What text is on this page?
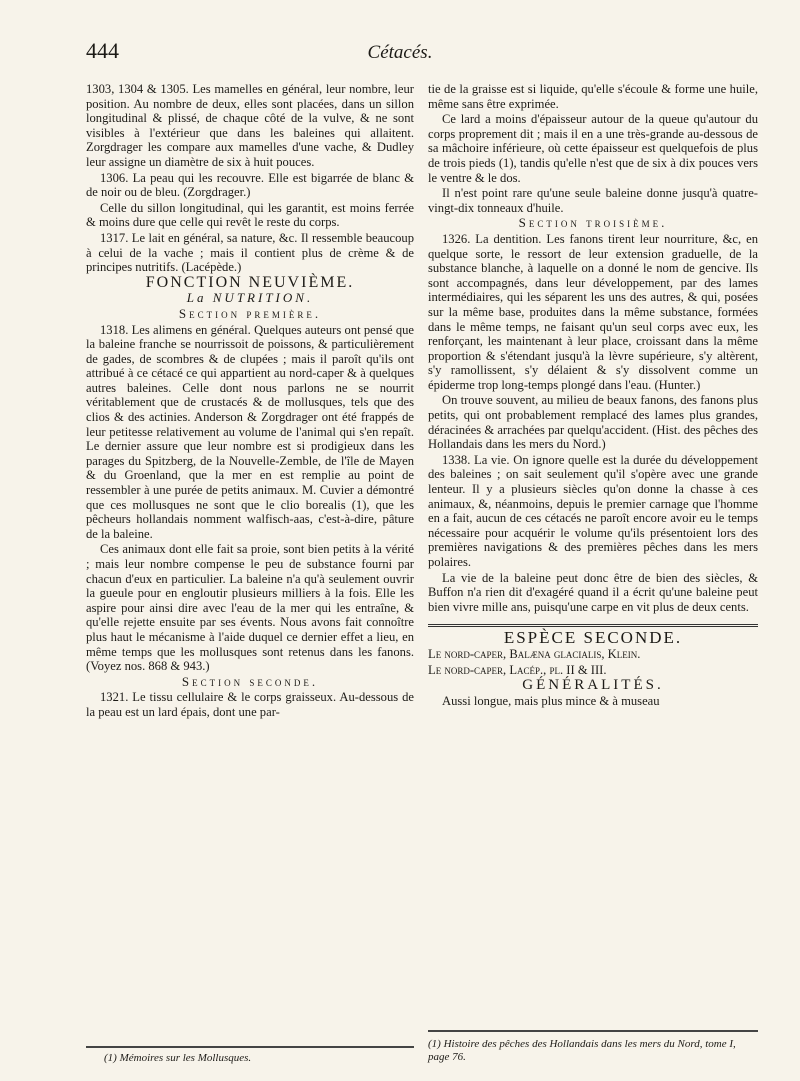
444	Cétacés.

1303, 1304 & 1305. Les mamelles en général, leur nombre, leur position. Au nombre de deux, elles sont placées, dans un sillon longitudinal & plissé, de chaque côté de la vulve, & ne sont visibles à l'extérieur que dans les baleines qui allaitent. Zorgdrager les compare aux mamelles d'une vache, & Dudley leur assigne un diamètre de six à huit pouces.

1306. La peau qui les recouvre. Elle est bigarrée de blanc & de noir ou de bleu. (Zorgdrager.)

Celle du sillon longitudinal, qui les garantit, est moins ferrée & moins dure que celle qui revêt le reste du corps.

1317. Le lait en général, sa nature, &c. Il ressemble beaucoup à celui de la vache ; mais il contient plus de crème & de principes nutritifs. (Lacépède.)

FONCTION NEUVIÈME.

La NUTRITION.

Section première.

1318. Les alimens en général. Quelques auteurs ont pensé que la baleine franche se nourrissoit de poissons, & particulièrement de gades, de scombres & de clupées ; mais il paroît qu'ils ont attribué à ce cétacé ce qui appartient au nord-caper & à quelques autres baleines. Celle dont nous parlons ne se nourrit véritablement que de crustacés & de mollusques, tels que des clios & des actinies. Anderson & Zorgdrager ont été frappés de leur petitesse relativement au volume de l'animal qui s'en repaît. Le dernier assure que leur nombre est si prodigieux dans les parages du Spitzberg, de la Nouvelle-Zemble, de l'île de Mayen & du Groenland, que la mer en est remplie au point de ressembler à une purée de petits animaux. M. Cuvier a démontré que ces mollusques ne sont que le clio borealis (1), que les pêcheurs hollandais nomment walfisch-aas, c'est-à-dire, pâture de la baleine.

Ces animaux dont elle fait sa proie, sont bien petits à la vérité ; mais leur nombre compense le peu de substance fourni par chacun d'eux en particulier. La baleine n'a qu'à seulement ouvrir la gueule pour en engloutir plusieurs milliers à la fois. Elle les aspire pour ainsi dire avec l'eau de la mer qui les entraîne, & qu'elle rejette ensuite par ses évents. Nous avons fait connoître plus haut le mécanisme à l'aide duquel ce dernier effet a lieu, en même temps que les mollusques sont retenus dans les fanons. (Voyez nos. 868 & 943.)

Section seconde.

1321. Le tissu cellulaire & le corps graisseux. Au-dessous de la peau est un lard épais, dont une par-

tie de la graisse est si liquide, qu'elle s'écoule & forme une huile, même sans être exprimée.

Ce lard a moins d'épaisseur autour de la queue qu'autour du corps proprement dit ; mais il en a une très-grande au-dessous de sa mâchoire inférieure, où cette épaisseur est quelquefois de plus de trois pieds (1), tandis qu'elle n'est que de six à dix pouces vers le ventre & le dos.

Il n'est point rare qu'une seule baleine donne jusqu'à quatre-vingt-dix tonneaux d'huile.

Section troisième.

1326. La dentition. Les fanons tirent leur nourriture, &c, en quelque sorte, le ressort de leur extension graduelle, de la substance blanche, à laquelle on a donné le nom de gencive. Ils sont accompagnés, dans leur développement, par des lames intermédiaires, qui les séparent les uns des autres, & qui, posées sur la même base, produites dans la même substance, formées dans le même temps, ne faisant qu'un seul corps avec eux, les renforçant, les maintenant à leur place, croissant dans la même proportion & s'étendant jusqu'à la lèvre supérieure, s'y altèrent, s'y ramollissent, s'y délaient & s'y dissolvent comme un épiderme trop long-temps plongé dans l'eau. (Hunter.)

On trouve souvent, au milieu de beaux fanons, des fanons plus petits, qui ont probablement remplacé des lames plus grandes, déracinées & arrachées par quelqu'accident. (Hist. des pêches des Hollandais dans les mers du Nord.)

1338. La vie. On ignore quelle est la durée du développement des baleines ; on sait seulement qu'il s'opère avec une grande lenteur. Il y a plusieurs siècles qu'on donne la chasse à ces animaux, &, néanmoins, depuis le premier carnage que l'homme en a fait, aucun de ces cétacés ne paroît encore avoir eu le temps nécessaire pour acquérir le volume qu'ils présentoient lors des premières navigations & des premières pêches dans les mers polaires.

La vie de la baleine peut donc être de bien des siècles, & Buffon n'a rien dit d'exagéré quand il a écrit qu'une baleine peut bien vivre mille ans, puisqu'une carpe en vit plus de deux cents.

ESPÈCE SECONDE.

Le nord-caper, Balæna glacialis, Klein.

Le nord-caper, Lacép., pl. II & III.

GÉNÉRALITÉS.

Aussi longue, mais plus mince & à museau

(1) Histoire des pêches des Hollandais dans les mers du Nord, tome I, page 76.
(1) Mémoires sur les Mollusques.
